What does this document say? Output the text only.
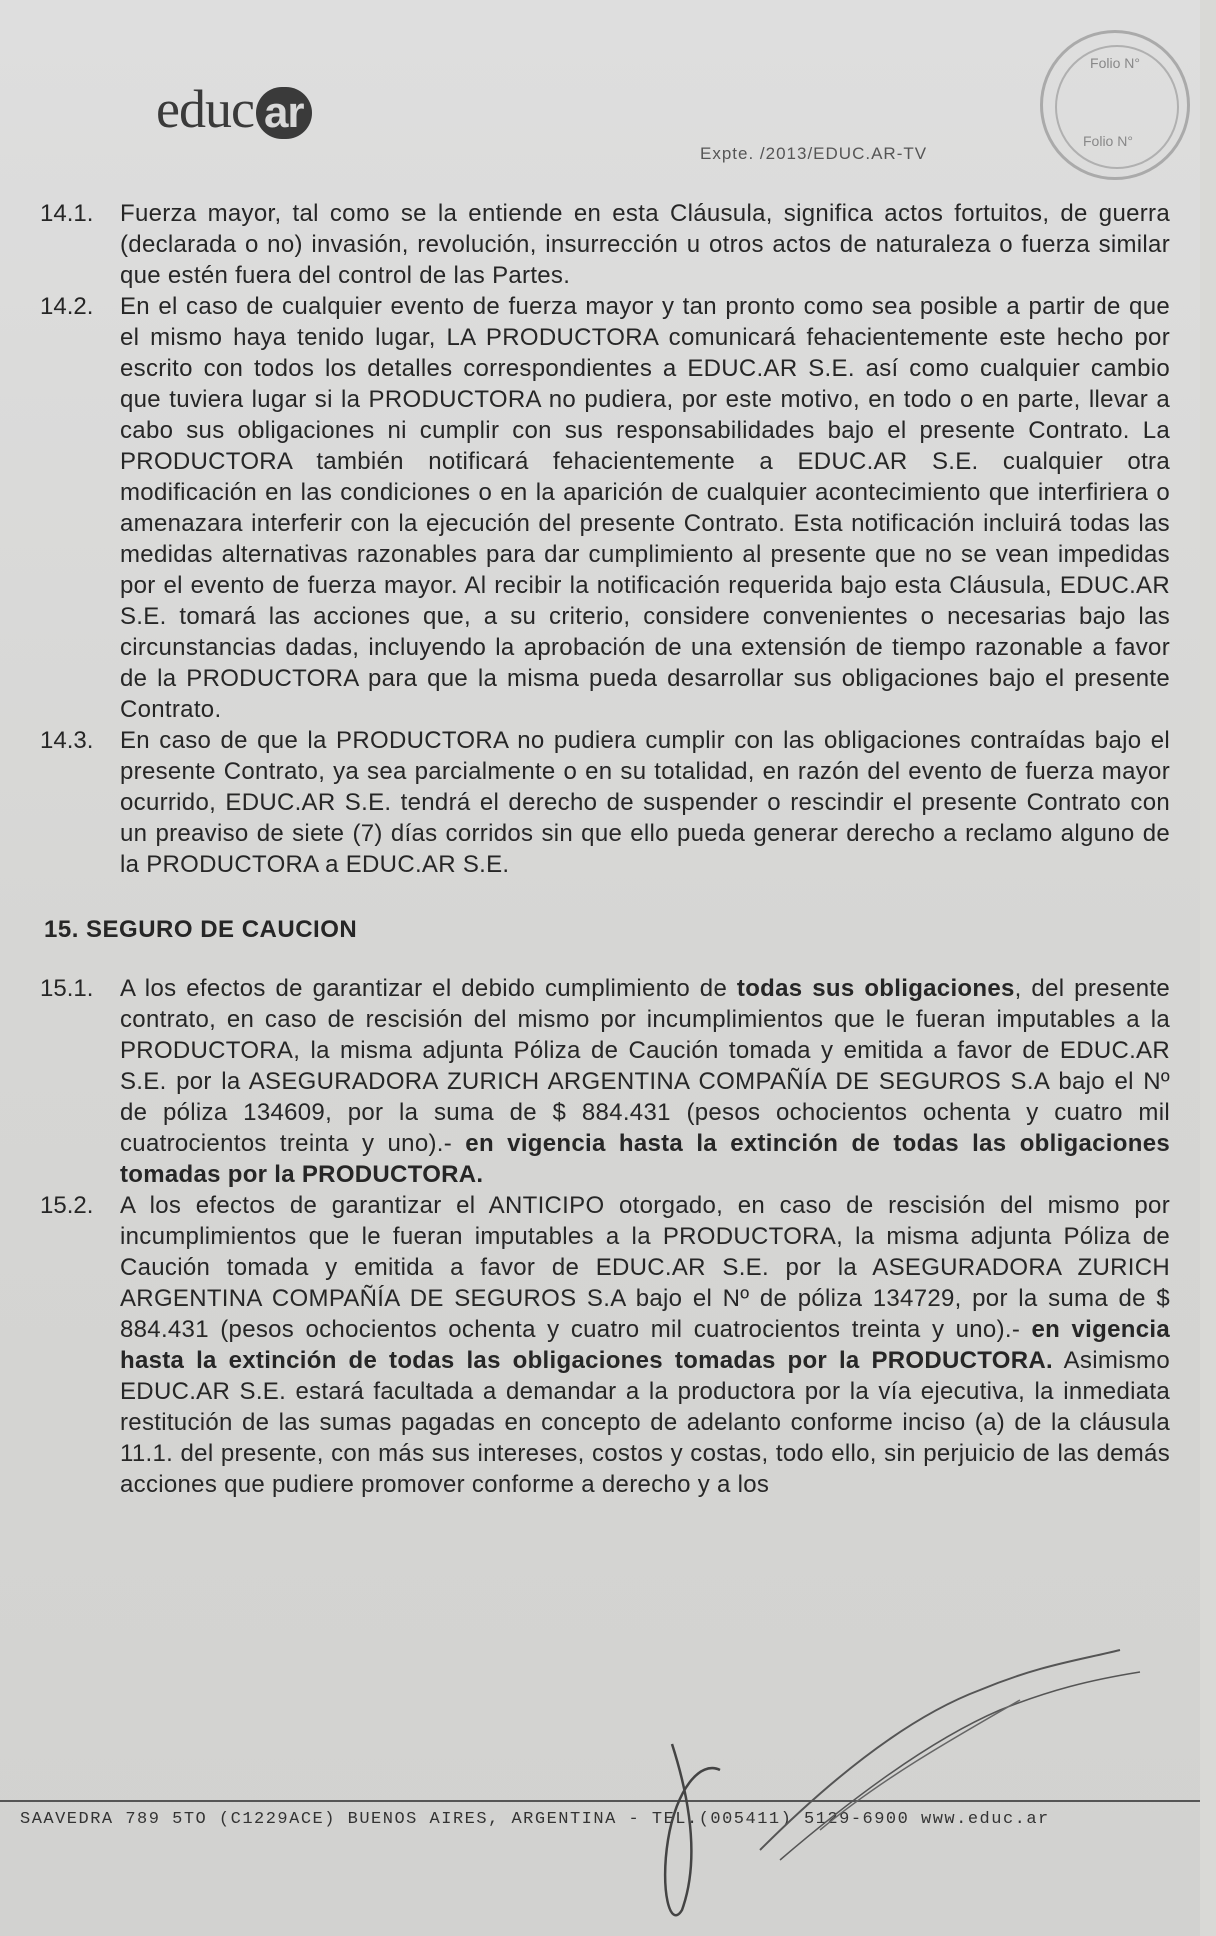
educ ar
Expte. /2013/EDUC.AR-TV
Folio N°
Folio N°
14.1.	Fuerza mayor, tal como se la entiende en esta Cláusula, significa actos fortuitos, de guerra (declarada o no) invasión, revolución, insurrección u otros actos de naturaleza o fuerza similar que estén fuera del control de las Partes.
14.2.	En el caso de cualquier evento de fuerza mayor y tan pronto como sea posible a partir de que el mismo haya tenido lugar, LA PRODUCTORA comunicará fehacientemente este hecho por escrito con todos los detalles correspondientes a EDUC.AR S.E. así como cualquier cambio que tuviera lugar si la PRODUCTORA no pudiera, por este motivo, en todo o en parte, llevar a cabo sus obligaciones ni cumplir con sus responsabilidades bajo el presente Contrato. La PRODUCTORA también notificará fehacientemente a EDUC.AR S.E. cualquier otra modificación en las condiciones o en la aparición de cualquier acontecimiento que interfiriera o amenazara interferir con la ejecución del presente Contrato. Esta notificación incluirá todas las medidas alternativas razonables para dar cumplimiento al presente que no se vean impedidas por el evento de fuerza mayor. Al recibir la notificación requerida bajo esta Cláusula, EDUC.AR S.E. tomará las acciones que, a su criterio, considere convenientes o necesarias bajo las circunstancias dadas, incluyendo la aprobación de una extensión de tiempo razonable a favor de la PRODUCTORA para que la misma pueda desarrollar sus obligaciones bajo el presente Contrato.
14.3.	En caso de que la PRODUCTORA no pudiera cumplir con las obligaciones contraídas bajo el presente Contrato, ya sea parcialmente o en su totalidad, en razón del evento de fuerza mayor ocurrido, EDUC.AR S.E. tendrá el derecho de suspender o rescindir el presente Contrato con un preaviso de siete (7) días corridos sin que ello pueda generar derecho a reclamo alguno de la PRODUCTORA a EDUC.AR S.E.
15. SEGURO DE CAUCION
15.1.	A los efectos de garantizar el debido cumplimiento de todas sus obligaciones, del presente contrato, en caso de rescisión del mismo por incumplimientos que le fueran imputables a la PRODUCTORA, la misma adjunta Póliza de Caución tomada y emitida a favor de EDUC.AR S.E. por la ASEGURADORA ZURICH ARGENTINA COMPAÑÍA DE SEGUROS S.A bajo el Nº de póliza 134609, por la suma de $ 884.431 (pesos ochocientos ochenta y cuatro mil cuatrocientos treinta y uno).- en vigencia hasta la extinción de todas las obligaciones tomadas por la PRODUCTORA.
15.2.	A los efectos de garantizar el ANTICIPO otorgado, en caso de rescisión del mismo por incumplimientos que le fueran imputables a la PRODUCTORA, la misma adjunta Póliza de Caución tomada y emitida a favor de EDUC.AR S.E. por la ASEGURADORA ZURICH ARGENTINA COMPAÑÍA DE SEGUROS S.A bajo el Nº de póliza 134729, por la suma de $ 884.431 (pesos ochocientos ochenta y cuatro mil cuatrocientos treinta y uno).- en vigencia hasta la extinción de todas las obligaciones tomadas por la PRODUCTORA. Asimismo EDUC.AR S.E. estará facultada a demandar a la productora por la vía ejecutiva, la inmediata restitución de las sumas pagadas en concepto de adelanto conforme inciso (a) de la cláusula 11.1. del presente, con más sus intereses, costos y costas, todo ello, sin perjuicio de las demás acciones que pudiere promover conforme a derecho y a los
SAAVEDRA 789 5TO (C1229ACE) BUENOS AIRES, ARGENTINA - TEL.(005411) 5129-6900 www.educ.ar
